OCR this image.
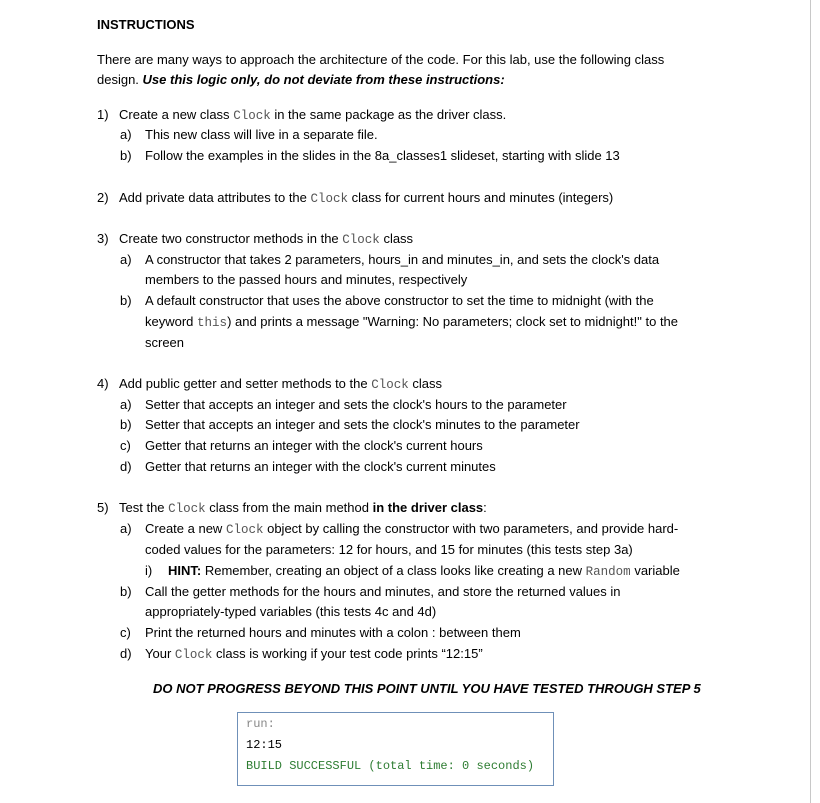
INSTRUCTIONS
There are many ways to approach the architecture of the code. For this lab, use the following class
design. Use this logic only, do not deviate from these instructions:
1) Create a new class Clock in the same package as the driver class.
a) This new class will live in a separate file.
b) Follow the examples in the slides in the 8a_classes1 slideset, starting with slide 13
2) Add private data attributes to the Clock class for current hours and minutes (integers)
3) Create two constructor methods in the Clock class
a) A constructor that takes 2 parameters, hours_in and minutes_in, and sets the clock's data
members to the passed hours and minutes, respectively
b) A default constructor that uses the above constructor to set the time to midnight (with the
keyword this) and prints a message "Warning: No parameters; clock set to midnight!" to the
screen
4) Add public getter and setter methods to the Clock class
a) Setter that accepts an integer and sets the clock's hours to the parameter
b) Setter that accepts an integer and sets the clock's minutes to the parameter
c) Getter that returns an integer with the clock's current hours
d) Getter that returns an integer with the clock's current minutes
5) Test the Clock class from the main method in the driver class:
a) Create a new Clock object by calling the constructor with two parameters, and provide hard-
coded values for the parameters: 12 for hours, and 15 for minutes (this tests step 3a)
i) HINT: Remember, creating an object of a class looks like creating a new Random variable
b) Call the getter methods for the hours and minutes, and store the returned values in
appropriately-typed variables (this tests 4c and 4d)
c) Print the returned hours and minutes with a colon : between them
d) Your Clock class is working if your test code prints “12:15”
DO NOT PROGRESS BEYOND THIS POINT UNTIL YOU HAVE TESTED THROUGH STEP 5
run:
12:15
BUILD SUCCESSFUL (total time: 0 seconds)
